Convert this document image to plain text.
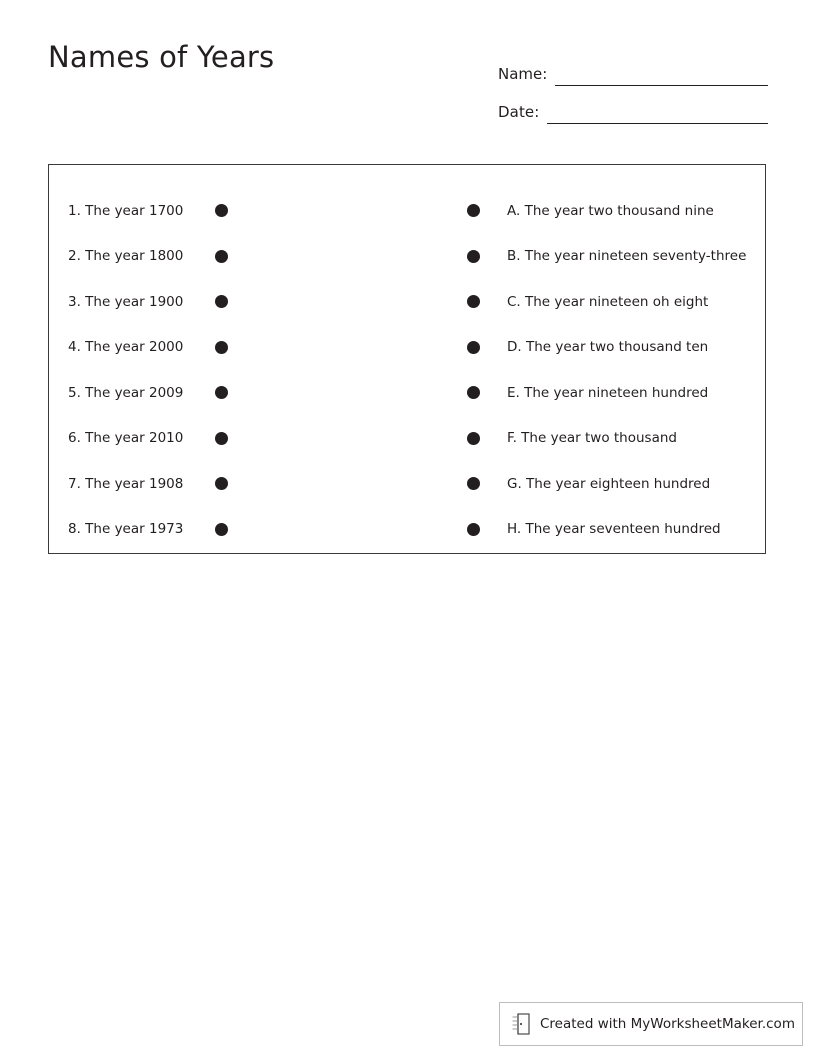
Names of Years	Name:
Date:
1. The year 1700
2. The year 1800
3. The year 1900
4. The year 2000
5. The year 2009
6. The year 2010
7. The year 1908
8. The year 1973
A. The year two thousand nine
B. The year nineteen seventy-three
C. The year nineteen oh eight
D. The year two thousand ten
E. The year nineteen hundred
F. The year two thousand
G. The year eighteen hundred
H. The year seventeen hundred
Created with MyWorksheetMaker.com
